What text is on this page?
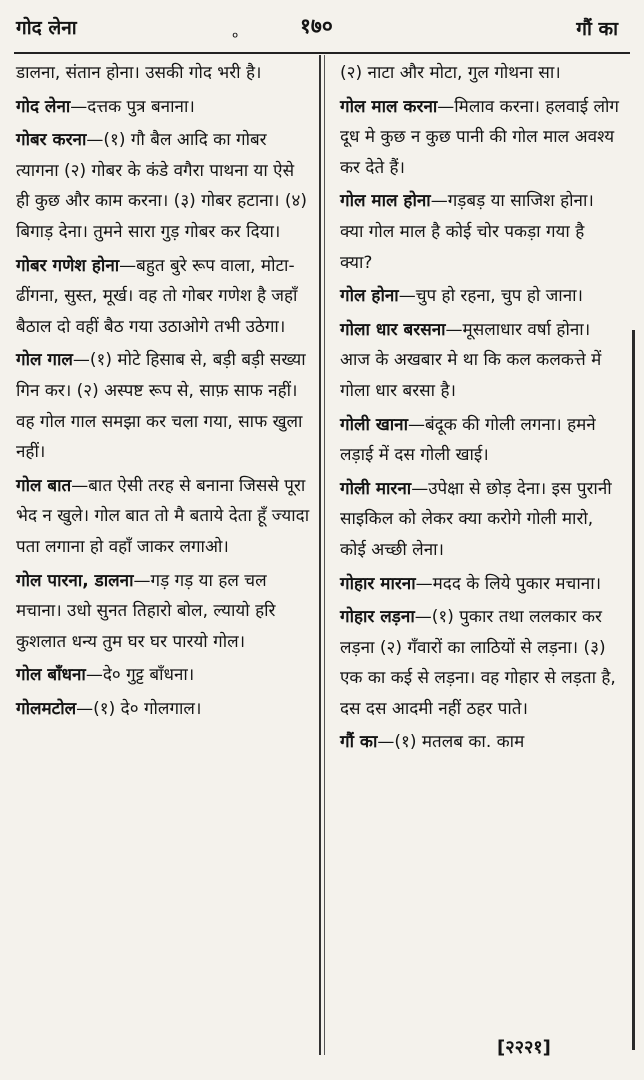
गोद लेना	०	१७०	गौं का
डालना, संतान होना। उसकी गोद भरी है।
गोद लेना—दत्तक पुत्र बनाना।
गोबर करना—(१) गौ बैल आदि का गोबर त्यागना (२) गोबर के कंडे वगैरा पाथना या ऐसे ही कुछ और काम करना। (३) गोबर हटाना। (४) बिगाड़ देना। तुमने सारा गुड़ गोबर कर दिया।
गोबर गणेश होना—बहुत बुरे रूप वाला, मोटा-ढींगना, सुस्त, मूर्ख। वह तो गोबर गणेश है जहाँ बैठाल दो वहीं बैठ गया उठाओगे तभी उठेगा।
गोल गाल—(१) मोटे हिसाब से, बड़ी बड़ी सख्या गिन कर। (२) अस्पष्ट रूप से, साफ़ साफ नहीं। वह गोल गाल समझा कर चला गया, साफ खुला नहीं।
गोल बात—बात ऐसी तरह से बनाना जिससे पूरा भेद न खुले। गोल बात तो मै बताये देता हूँ ज्यादा पता लगाना हो वहाँ जाकर लगाओ।
गोल पारना, डालना—गड़ गड़ या हल चल मचाना। उधो सुनत तिहारो बोल, ल्यायो हरि कुशलात धन्य तुम घर घर पारयो गोल।
गोल बाँधना—दे० गुट्ट बाँधना।
गोलमटोल—(१) दे० गोलगाल।
(२) नाटा और मोटा, गुल गोथना सा।
गोल माल करना—मिलाव करना। हलवाई लोग दूध मे कुछ न कुछ पानी की गोल माल अवश्य कर देते हैं।
गोल माल होना—गड़बड़ या साजिश होना। क्या गोल माल है कोई चोर पकड़ा गया है क्या?
गोल होना—चुप हो रहना, चुप हो जाना।
गोला धार बरसना—मूसलाधार वर्षा होना। आज के अखबार मे था कि कल कलकत्ते में गोला धार बरसा है।
गोली खाना—बंदूक की गोली लगना। हमने लड़ाई में दस गोली खाई।
गोली मारना—उपेक्षा से छोड़ देना। इस पुरानी साइकिल को लेकर क्या करोगे गोली मारो, कोई अच्छी लेना।
गोहार मारना—मदद के लिये पुकार मचाना।
गोहार लड़ना—(१) पुकार तथा ललकार कर लड़ना (२) गँवारों का लाठियों से लड़ना। (३) एक का कई से लड़ना। वह गोहार से लड़ता है, दस दस आदमी नहीं ठहर पाते।
गौं का—(१) मतलब का. काम
[२२२१]
